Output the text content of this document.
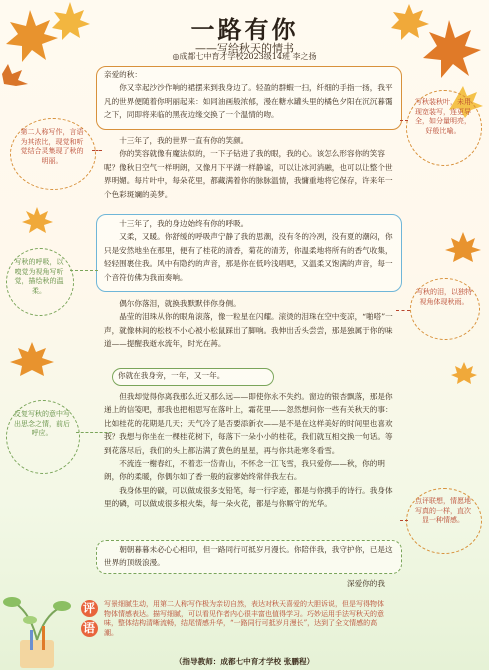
一路有你
——写给秋天的情书
◎成都七中育才学校2023级14班 李之扬
亲爱的秋：

你又幸起沙沙作响的裙摆来到我身边了。轻盈的群蝦一扫，纤细的手指一扬，我平凡的世界便随着你明丽起来：如同油画般浓郁，漫在糖水罐头里的橘色夕阳在沉沉暮霭之下，同即将来临的黑夜边缘交换了一个温情的吻。

十三年了，我的世界一直有你的笑颜。

你的笑容就像有魔法似的，一下子钻进了我的眼，我的心。该怎么形容你的笑容呢？像秋日空气一样明朗，又像月下平湖一样静谧，可以让冰河消融，也可以让整个世界明媚。每片叶中，每朵花里，都藏满着你的脉脉温情，我慵重地将它保存，许来年一个色彩斑斓的美梦。

十三年了，我的身边始终有你的呼吸。

又柔，又暖。你舒缓的呼吸声宁静了我的思潮，没有冬的冷冽，没有夏的潮闷，你只是安然地坐在那里，便有了桂花的清香，菊花的清芳，你温柔地将所有的香气收集，轻轻围裹住我。风中有隐约的声音，那是你在低吟浅唱吧，又温柔又饱满的声音，每一个音符仿佛为我而奏响。

偶尔你落泪，就换我默默伴你身侧。

晶莹的泪珠从你的眼角滚落，像一粒星在闪耀。滚烫的泪珠在空中变凉，“啪嗒”一声，就像林间的松枝不小心被小松鼠踩出了脚响。我伸出舌头尝尝，那是独属于你的味道——提醒我逝水流年，时光在苒。

你就在我身旁，一年，又一年。

但我却觉得你离我那么近又那么远——即使你永不失约。窗边的银杏飘落，那是你递上的信笺吧，那我也把相思写在落叶上，霜花里——忽然想问你一些有关秋天的事：比如桂花的花期是几天；天气冷了是否要添新衣——是不是在这样美好的时间里也喜欢我？我想与你坐在一棵桂花树下，每落下一朵小小的桂花，我们就互相交换一句话。等到花落尽后，我们的头上都沾满了黄色的星星，再与你共赴寒冬看雪。

不流连一榭春红，不着恋一岱青山，不怀念一江飞雪，我只爱你——秋，你的明朗，你的柔暖，你偶尔如了香一般的寂寥始终常伴我左右。

我身体里的碳，可以做成很多支铅笔，每一行字迹，都是与你携手的诗行。我身体里的磷，可以做成很多根火柴，每一朵火花，都是与你厮守的光华。

朝朝暮暮未必心心相印，但一路同行可抵岁月漫长。你陪伴我，我守护你，已是这世界的顶级浪漫。

深爱你的我
写秋装秋叶，未用现宽装写，连更导全，如分量明亮，好般比喻。
第二人称写作，言语为其浓比，现觉和听觉结合灵集现了秋的明丽。
写秋的呼吸，以嗅觉为视角写听觉，描绘秋的温柔。	写秋的泪，以独特视角体现秋雨。
反复写秋的意中写出思念之情，前后呼应。
点评联想，情愿地写真的一样，直次显一种情感。
评
语
写景细腻生动，用第二人称写作极为亲切自然，表达对秋天喜爱的大胆诉说，但是写得物体物体情感表达。描写细腻，可以看见作者内心很丰富也值得学习。巧妙运用手法写秋天的意味，整体结构清晰流畅，结尾情感升华，“一路同行可抵岁月漫长”，达到了全文情感的高潮。
（指导教师：成都七中育才学校 张鹏程）
